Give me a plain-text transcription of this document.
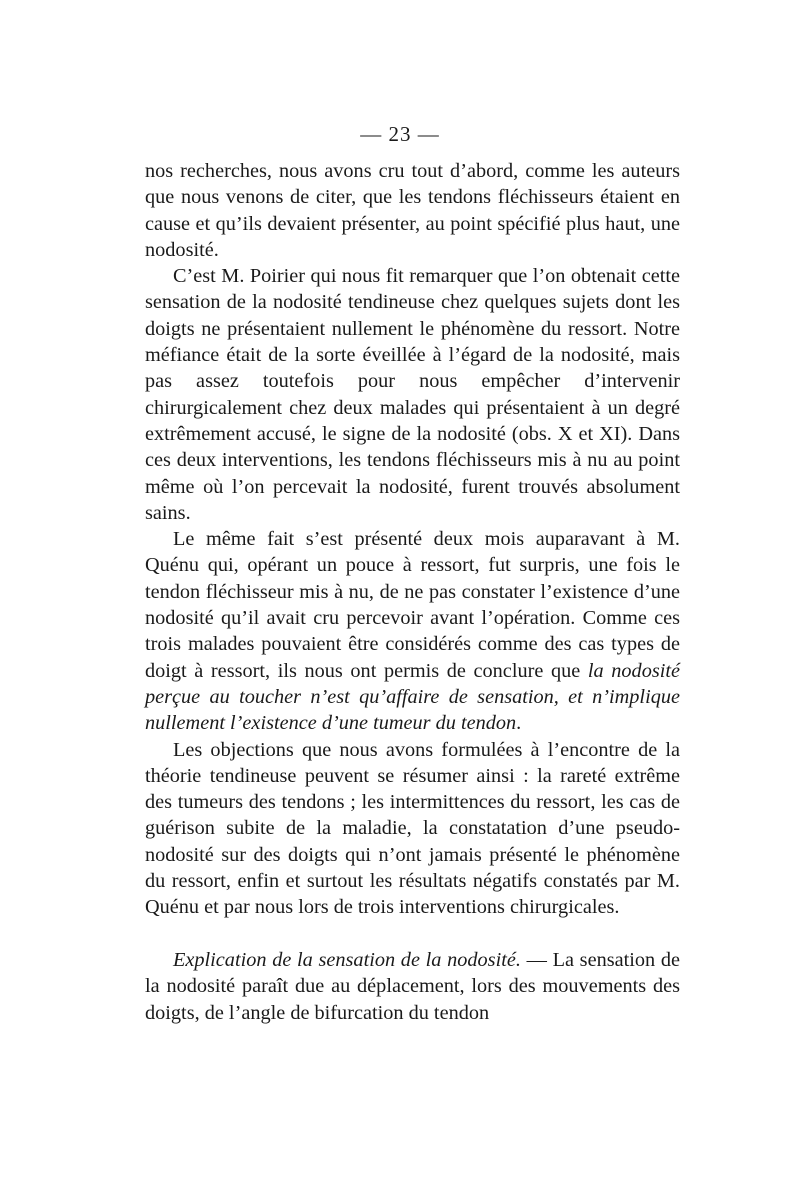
— 23 —

nos recherches, nous avons cru tout d’abord, comme les auteurs que nous venons de citer, que les tendons fléchisseurs étaient en cause et qu’ils devaient présenter, au point spécifié plus haut, une nodosité.

C’est M. Poirier qui nous fit remarquer que l’on obtenait cette sensation de la nodosité tendineuse chez quelques sujets dont les doigts ne présentaient nullement le phénomène du ressort. Notre méfiance était de la sorte éveillée à l’égard de la nodosité, mais pas assez toutefois pour nous empêcher d’intervenir chirurgicalement chez deux malades qui présentaient à un degré extrêmement accusé, le signe de la nodosité (obs. X et XI). Dans ces deux interventions, les tendons fléchisseurs mis à nu au point même où l’on percevait la nodosité, furent trouvés absolument sains.

Le même fait s’est présenté deux mois auparavant à M. Quénu qui, opérant un pouce à ressort, fut surpris, une fois le tendon fléchisseur mis à nu, de ne pas constater l’existence d’une nodosité qu’il avait cru percevoir avant l’opération. Comme ces trois malades pouvaient être considérés comme des cas types de doigt à ressort, ils nous ont permis de conclure que la nodosité perçue au toucher n’est qu’affaire de sensation, et n’implique nullement l’existence d’une tumeur du tendon.

Les objections que nous avons formulées à l’encontre de la théorie tendineuse peuvent se résumer ainsi : la rareté extrême des tumeurs des tendons ; les intermittences du ressort, les cas de guérison subite de la maladie, la constatation d’une pseudo-nodosité sur des doigts qui n’ont jamais présenté le phénomène du ressort, enfin et surtout les résultats négatifs constatés par M. Quénu et par nous lors de trois interventions chirurgicales.

Explication de la sensation de la nodosité. — La sensation de la nodosité paraît due au déplacement, lors des mouvements des doigts, de l’angle de bifurcation du tendon
